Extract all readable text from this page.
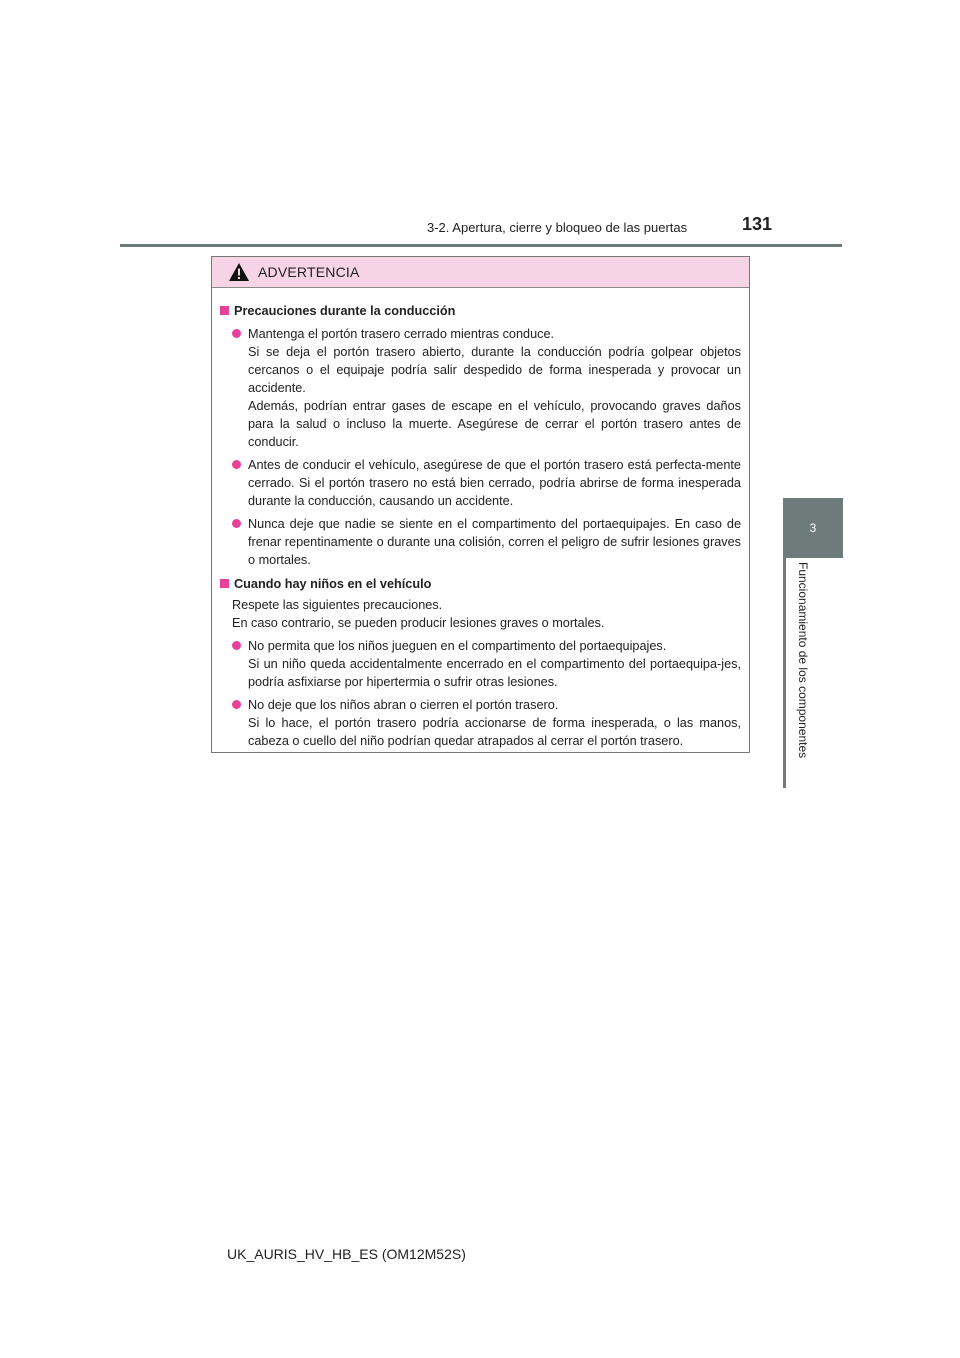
3-2. Apertura, cierre y bloqueo de las puertas	131
3
Funcionamiento de los componentes
ADVERTENCIA
Precauciones durante la conducción

Mantenga el portón trasero cerrado mientras conduce.

Si se deja el portón trasero abierto, durante la conducción podría golpear objetos cercanos o el equipaje podría salir despedido de forma inesperada y provocar un accidente.

Además, podrían entrar gases de escape en el vehículo, provocando graves daños para la salud o incluso la muerte. Asegúrese de cerrar el portón trasero antes de conducir.

Antes de conducir el vehículo, asegúrese de que el portón trasero está perfecta-mente cerrado. Si el portón trasero no está bien cerrado, podría abrirse de forma inesperada durante la conducción, causando un accidente.

Nunca deje que nadie se siente en el compartimento del portaequipajes. En caso de frenar repentinamente o durante una colisión, corren el peligro de sufrir lesiones graves o mortales.

Cuando hay niños en el vehículo
Respete las siguientes precauciones.
En caso contrario, se pueden producir lesiones graves o mortales.

No permita que los niños jueguen en el compartimento del portaequipajes.

Si un niño queda accidentalmente encerrado en el compartimento del portaequipa-jes, podría asfixiarse por hipertermia o sufrir otras lesiones.

No deje que los niños abran o cierren el portón trasero.

Si lo hace, el portón trasero podría accionarse de forma inesperada, o las manos, cabeza o cuello del niño podrían quedar atrapados al cerrar el portón trasero.

UK_AURIS_HV_HB_ES (OM12M52S)
